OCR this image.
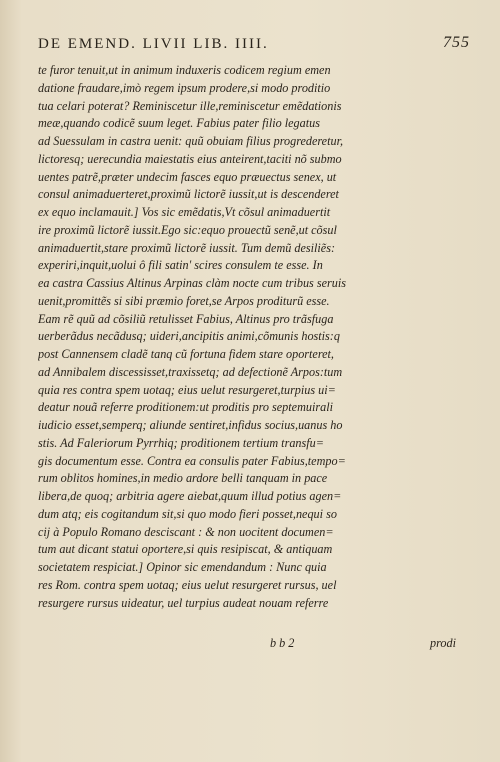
DE EMEND. LIVII LIB. IIII.	755
te furor tenuit,ut in animum induxeris codicem regium emen
datione fraudare,imò regem ipsum prodere,si modo proditio
tua celari poterat? Reminiscetur ille,reminiscetur emẽdationis
meæ,quando codicẽ suum leget. Fabius pater filio legatus
ad Suessulam in castra uenit: quũ obuiam filius progrederetur,
lictoresq; uerecundia maiestatis eius anteirent,taciti nõ submo
uentes patrẽ,præter undecim fasces equo præuectus senex, ut
consul animaduerteret,proximũ lictorẽ iussit,ut is descenderet
ex equo inclamauit.] Vos sic emẽdatis,Vt cõsul animaduertit
ire proximũ lictorẽ iussit.Ego sic:equo prouectũ senẽ,ut cõsul
animaduertit,stare proximũ lictorẽ iussit. Tum demũ desiliẽs:
experiri,inquit,uolui ô fili satin' scires consulem te esse. In
ea castra Cassius Altinus Arpinas clàm nocte cum tribus seruis
uenit,promittẽs si sibi præmio foret,se Arpos proditurũ esse.
Eam rẽ quũ ad cõsiliũ retulisset Fabius, Altinus pro trãsfuga
uerberãdus necãdusq; uideri,ancipitis animi,cõmunis hostis:q
post Cannensem cladẽ tanq cũ fortuna fidem stare oporteret,
ad Annibalem discessisset,traxissetq; ad defectionẽ Arpos:tum
quia res contra spem uotaq; eius uelut resurgeret,turpius ui=
deatur nouã referre proditionem:ut proditis pro septemuirali
iudicio esset,semperq; aliunde sentiret,infidus socius,uanus ho
stis. Ad Faleriorum Pyrrhiq; proditionem tertium transfu=
gis documentum esse. Contra ea consulis pater Fabius,tempo=
rum oblitos homines,in medio ardore belli tanquam in pace
libera,de quoq; arbitria agere aiebat,quum illud potius agen=
dum atq; eis cogitandum sit,si quo modo fieri posset,nequi so
cij à Populo Romano desciscant : & non uocitent documen=
tum aut dicant statui oportere,si quis resipiscat, & antiquam
societatem respiciat.] Opinor sic emendandum : Nunc quia
res Rom. contra spem uotaq; eius uelut resurgeret rursus, uel
resurgere rursus uideatur, uel turpius audeat nouam referre
b b 2	prodi
